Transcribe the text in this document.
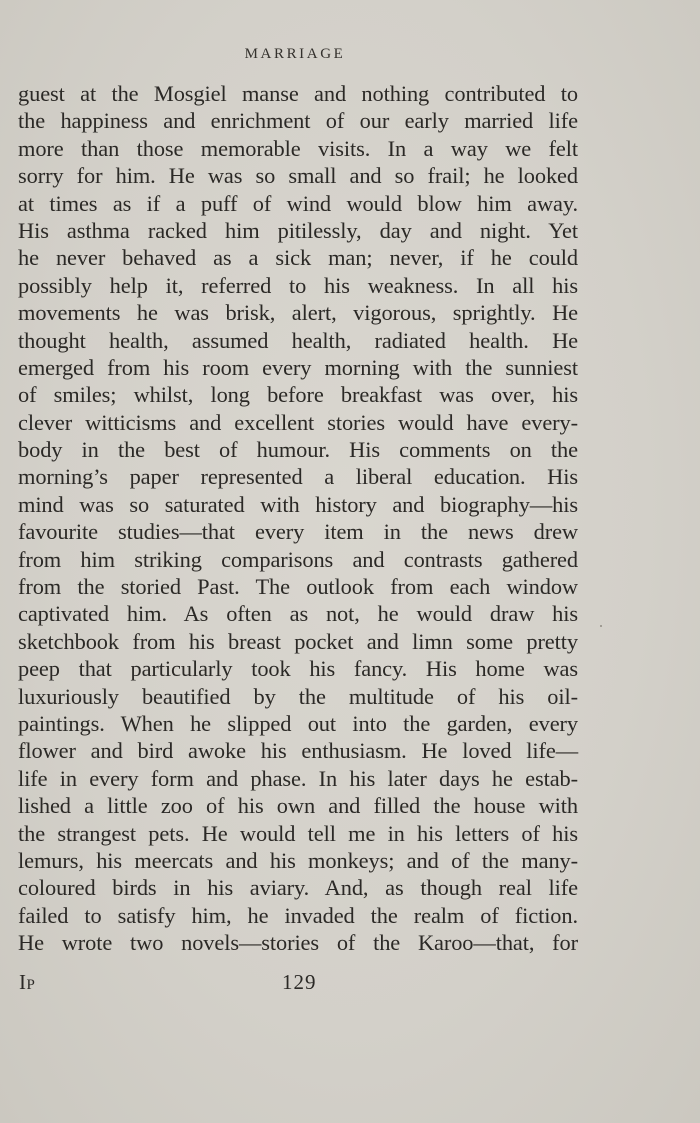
MARRIAGE
guest at the Mosgiel manse and nothing contributed to
the happiness and enrichment of our early married life
more than those memorable visits. In a way we felt
sorry for him. He was so small and so frail; he looked
at times as if a puff of wind would blow him away.
His asthma racked him pitilessly, day and night. Yet
he never behaved as a sick man; never, if he could
possibly help it, referred to his weakness. In all his
movements he was brisk, alert, vigorous, sprightly. He
thought health, assumed health, radiated health. He
emerged from his room every morning with the sunniest
of smiles; whilst, long before breakfast was over, his
clever witticisms and excellent stories would have every-
body in the best of humour. His comments on the
morning’s paper represented a liberal education. His
mind was so saturated with history and biography—his
favourite studies—that every item in the news drew
from him striking comparisons and contrasts gathered
from the storied Past. The outlook from each window
captivated him. As often as not, he would draw his
sketchbook from his breast pocket and limn some pretty
peep that particularly took his fancy. His home was
luxuriously beautified by the multitude of his oil-
paintings. When he slipped out into the garden, every
flower and bird awoke his enthusiasm. He loved life—
life in every form and phase. In his later days he estab-
lished a little zoo of his own and filled the house with
the strangest pets. He would tell me in his letters of his
lemurs, his meercats and his monkeys; and of the many-
coloured birds in his aviary. And, as though real life
failed to satisfy him, he invaded the realm of fiction.
He wrote two novels—stories of the Karoo—that, for
IP	129
